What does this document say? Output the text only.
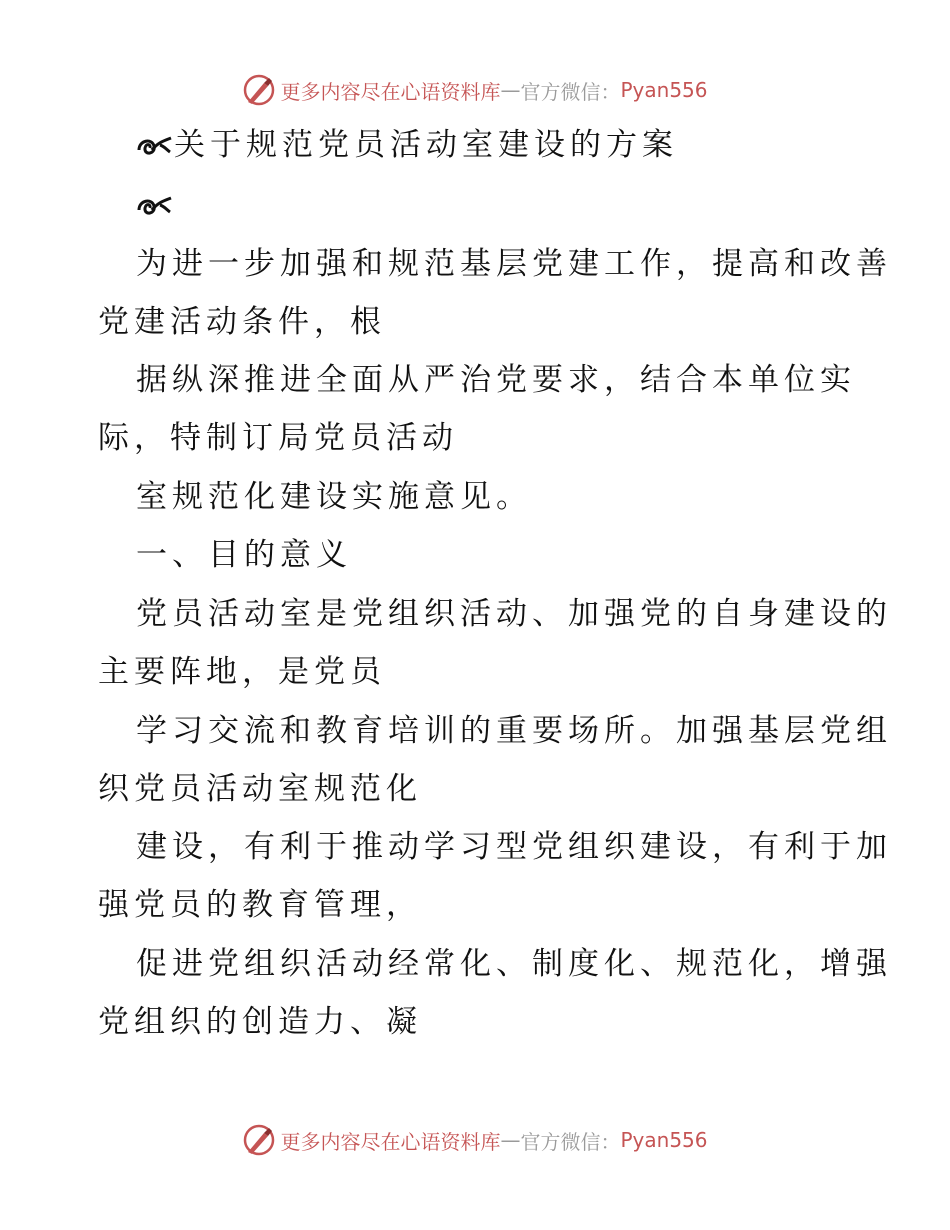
更多内容尽在心语资料库 — 官方微信： Pyan556
关于规范党员活动室建设的方案
为进一步加强和规范基层党建工作，提高和改善
党建活动条件，根
据纵深推进全面从严治党要求，结合本单位实
际，特制订局党员活动
室规范化建设实施意见。
一、目的意义
党员活动室是党组织活动、加强党的自身建设的
主要阵地，是党员
学习交流和教育培训的重要场所。加强基层党组
织党员活动室规范化
建设，有利于推动学习型党组织建设，有利于加
强党员的教育管理，
促进党组织活动经常化、制度化、规范化，增强
党组织的创造力、凝
更多内容尽在心语资料库 — 官方微信： Pyan556
